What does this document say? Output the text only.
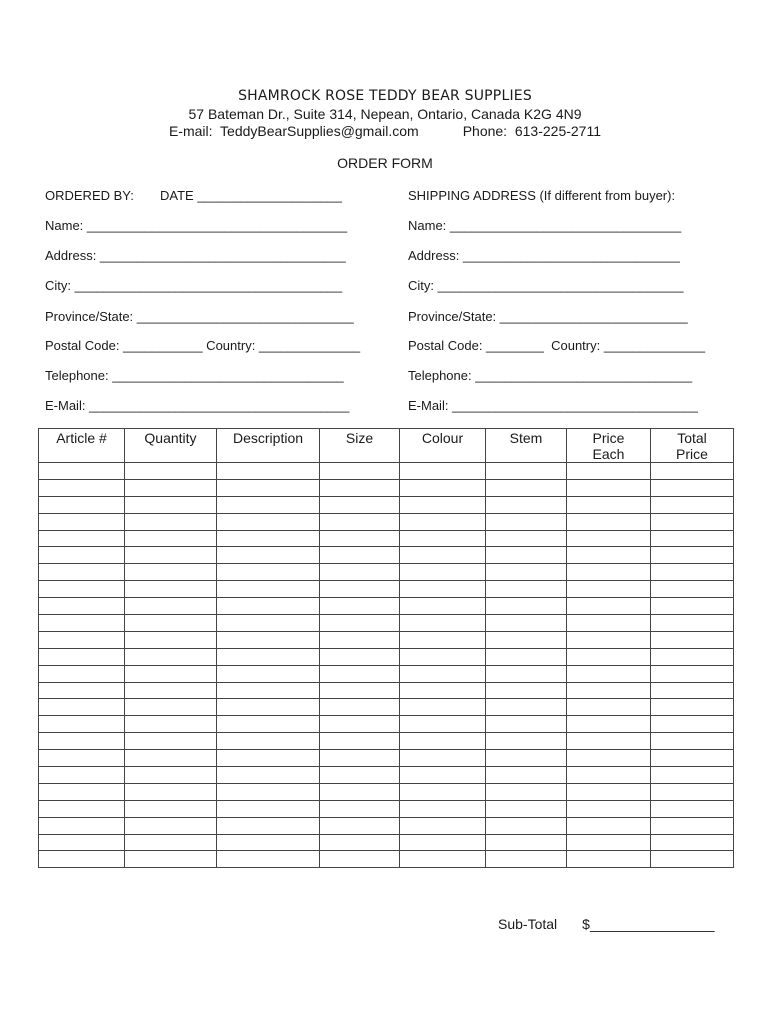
SHAMROCK ROSE TEDDY BEAR SUPPLIES
57 Bateman Dr., Suite 314, Nepean, Ontario, Canada K2G 4N9
E-mail:  TeddyBearSupplies@gmail.com	Phone:  613-225-2711
ORDER FORM
ORDERED BY: DATE ____________________
Name: ____________________________________
Address: __________________________________
City: _____________________________________
Province/State: ______________________________
Postal Code: ___________ Country: ______________
Telephone: ________________________________
E-Mail: ____________________________________
SHIPPING ADDRESS (If different from buyer):
Name: ________________________________
Address: ______________________________
City: __________________________________
Province/State: __________________________
Postal Code: ________  Country: ______________
Telephone: ______________________________
E-Mail: __________________________________
Article #	Quantity	Description	Size	Colour	Stem	Price Each	Total Price

Sub-Total $________________
